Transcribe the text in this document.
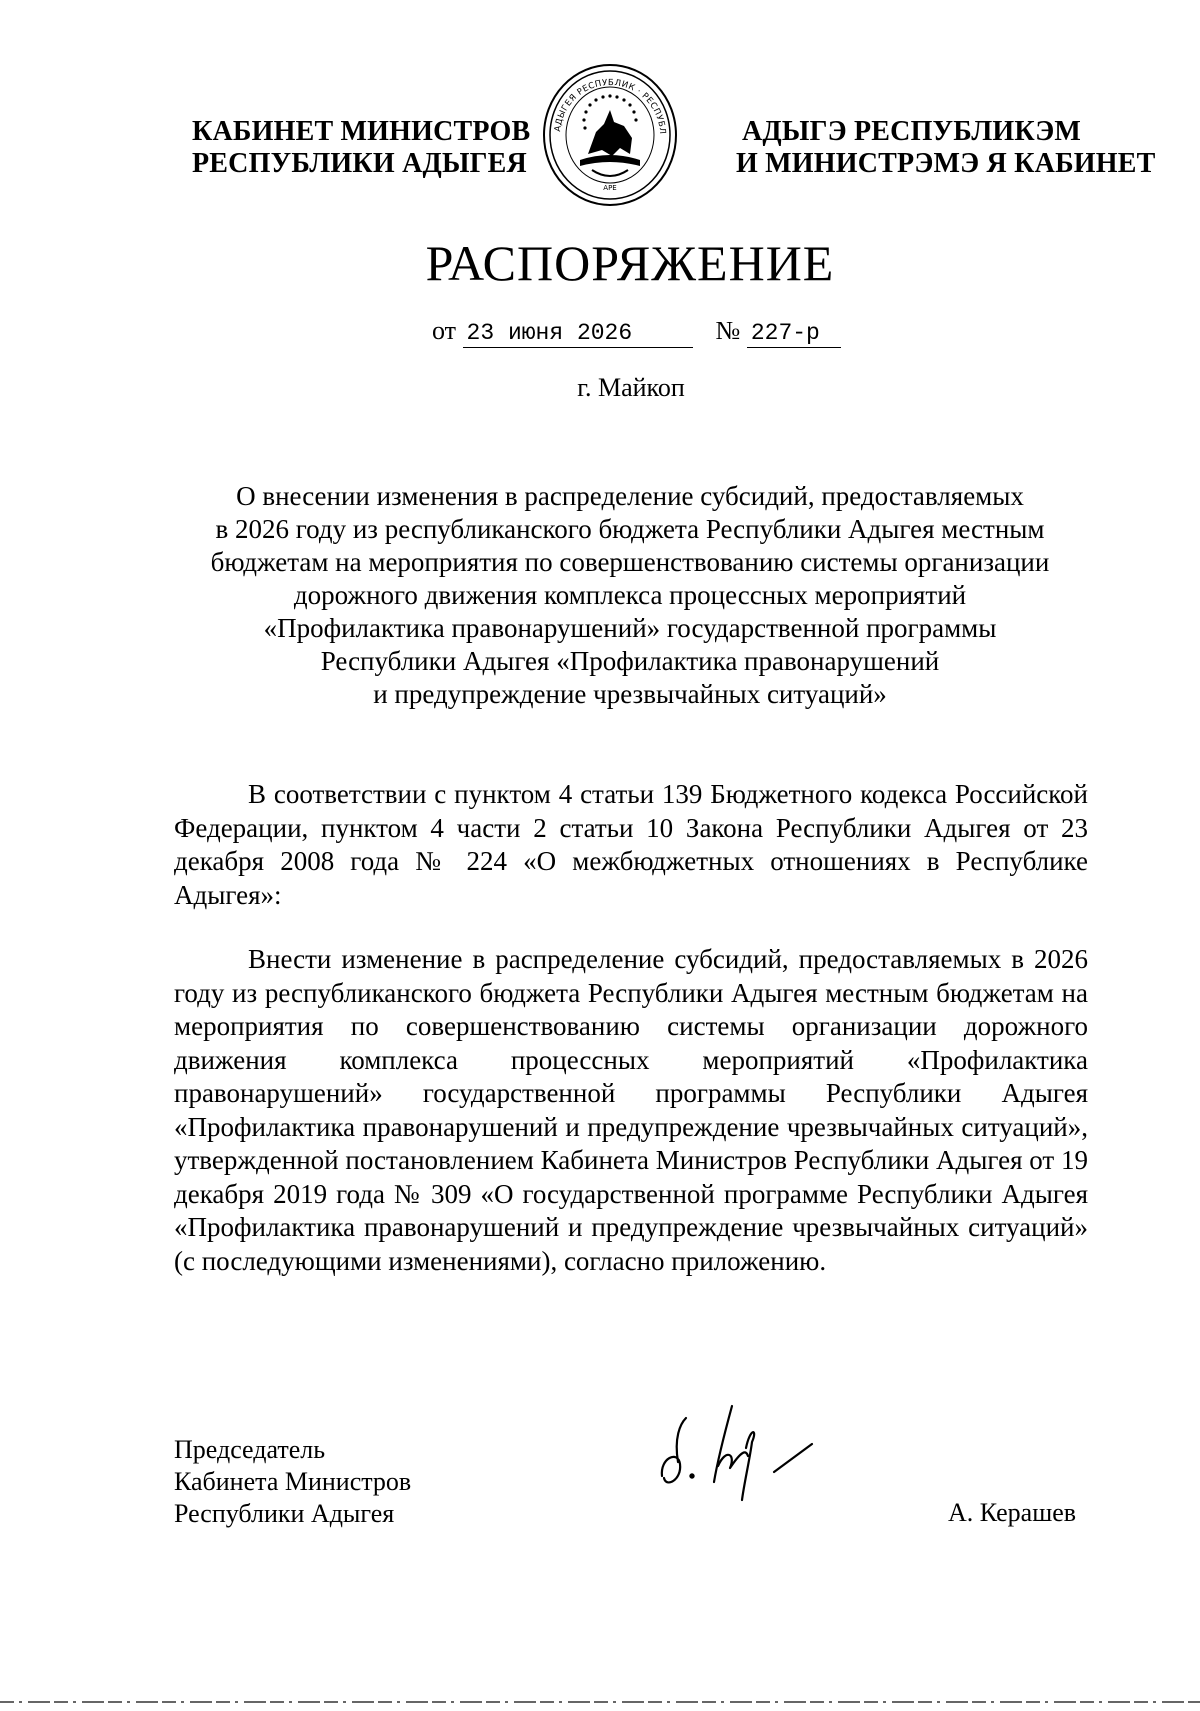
КАБИНЕТ МИНИСТРОВ
РЕСПУБЛИКИ АДЫГЕЯ
АДЫГЕЯ РЕСПУБЛИК · РЕСПУБЛ
АРЕ
АДЫГЭ РЕСПУБЛИКЭМ
И МИНИСТРЭМЭ Я КАБИНЕТ
РАСПОРЯЖЕНИЕ
от 23 июня 2026	№ 227-р
г. Майкоп
О внесении изменения в распределение субсидий, предоставляемых
в 2026 году из республиканского бюджета Республики Адыгея местным
бюджетам на мероприятия по совершенствованию системы организации
дорожного движения комплекса процессных мероприятий
«Профилактика правонарушений» государственной программы
Республики Адыгея «Профилактика правонарушений
и предупреждение чрезвычайных ситуаций»
В соответствии с пунктом 4 статьи 139 Бюджетного кодекса Российской Федерации, пунктом 4 части 2 статьи 10 Закона Республики Адыгея от 23 декабря 2008 года № 224 «О межбюджетных отношениях в Республике Адыгея»:
Внести изменение в распределение субсидий, предоставляемых в 2026 году из республиканского бюджета Республики Адыгея местным бюджетам на мероприятия по совершенствованию системы организации дорожного движения комплекса процессных мероприятий «Профилактика правонарушений» государственной программы Республики Адыгея «Профилактика правонарушений и предупреждение чрезвычайных ситуаций», утвержденной постановлением Кабинета Министров Республики Адыгея от 19 декабря 2019 года № 309 «О государственной программе Республики Адыгея «Профилактика правонарушений и предупреждение чрезвычайных ситуаций» (с последующими изменениями), согласно приложению.
Председатель
Кабинета Министров
Республики Адыгея	А. Керашев
